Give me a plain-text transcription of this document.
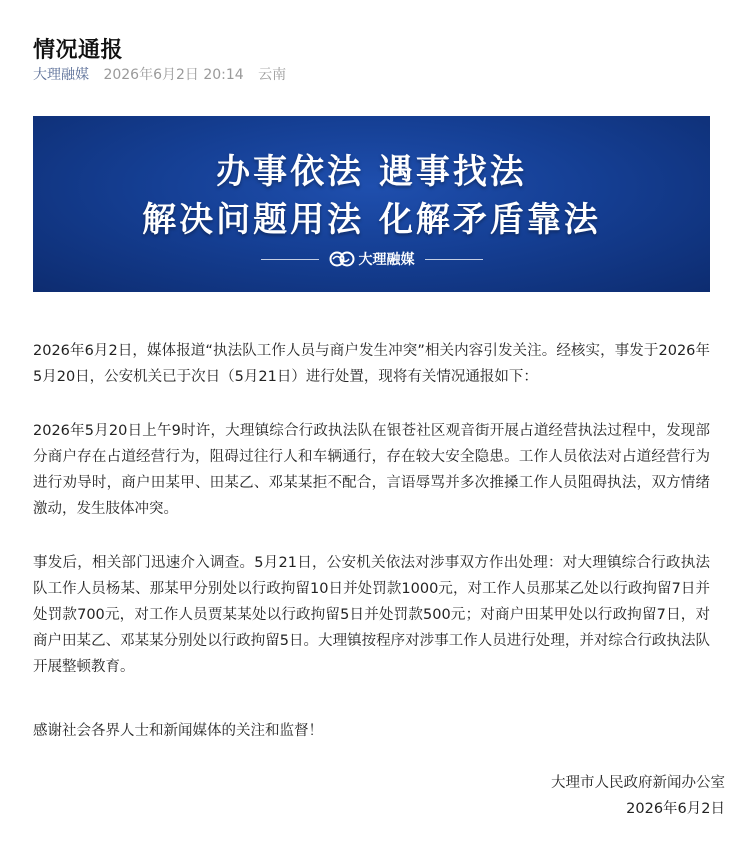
情况通报
大理融媒 2026年6月2日 20:14 云南
办事依法 遇事找法
解决问题用法 化解矛盾靠法
大理融媒

2026年6月2日，媒体报道“执法队工作人员与商户发生冲突”相关内容引发关注。经核实，事发于2026年5月20日，公安机关已于次日（5月21日）进行处置，现将有关情况通报如下：

2026年5月20日上午9时许，大理镇综合行政执法队在银苍社区观音街开展占道经营执法过程中，发现部分商户存在占道经营行为，阻碍过往行人和车辆通行，存在较大安全隐患。工作人员依法对占道经营行为进行劝导时，商户田某甲、田某乙、邓某某拒不配合，言语辱骂并多次推搡工作人员阻碍执法，双方情绪激动，发生肢体冲突。

事发后，相关部门迅速介入调查。5月21日，公安机关依法对涉事双方作出处理：对大理镇综合行政执法队工作人员杨某、那某甲分别处以行政拘留10日并处罚款1000元，对工作人员那某乙处以行政拘留7日并处罚款700元，对工作人员贾某某处以行政拘留5日并处罚款500元；对商户田某甲处以行政拘留7日，对商户田某乙、邓某某分别处以行政拘留5日。大理镇按程序对涉事工作人员进行处理，并对综合行政执法队开展整顿教育。

感谢社会各界人士和新闻媒体的关注和监督！

大理市人民政府新闻办公室
2026年6月2日
